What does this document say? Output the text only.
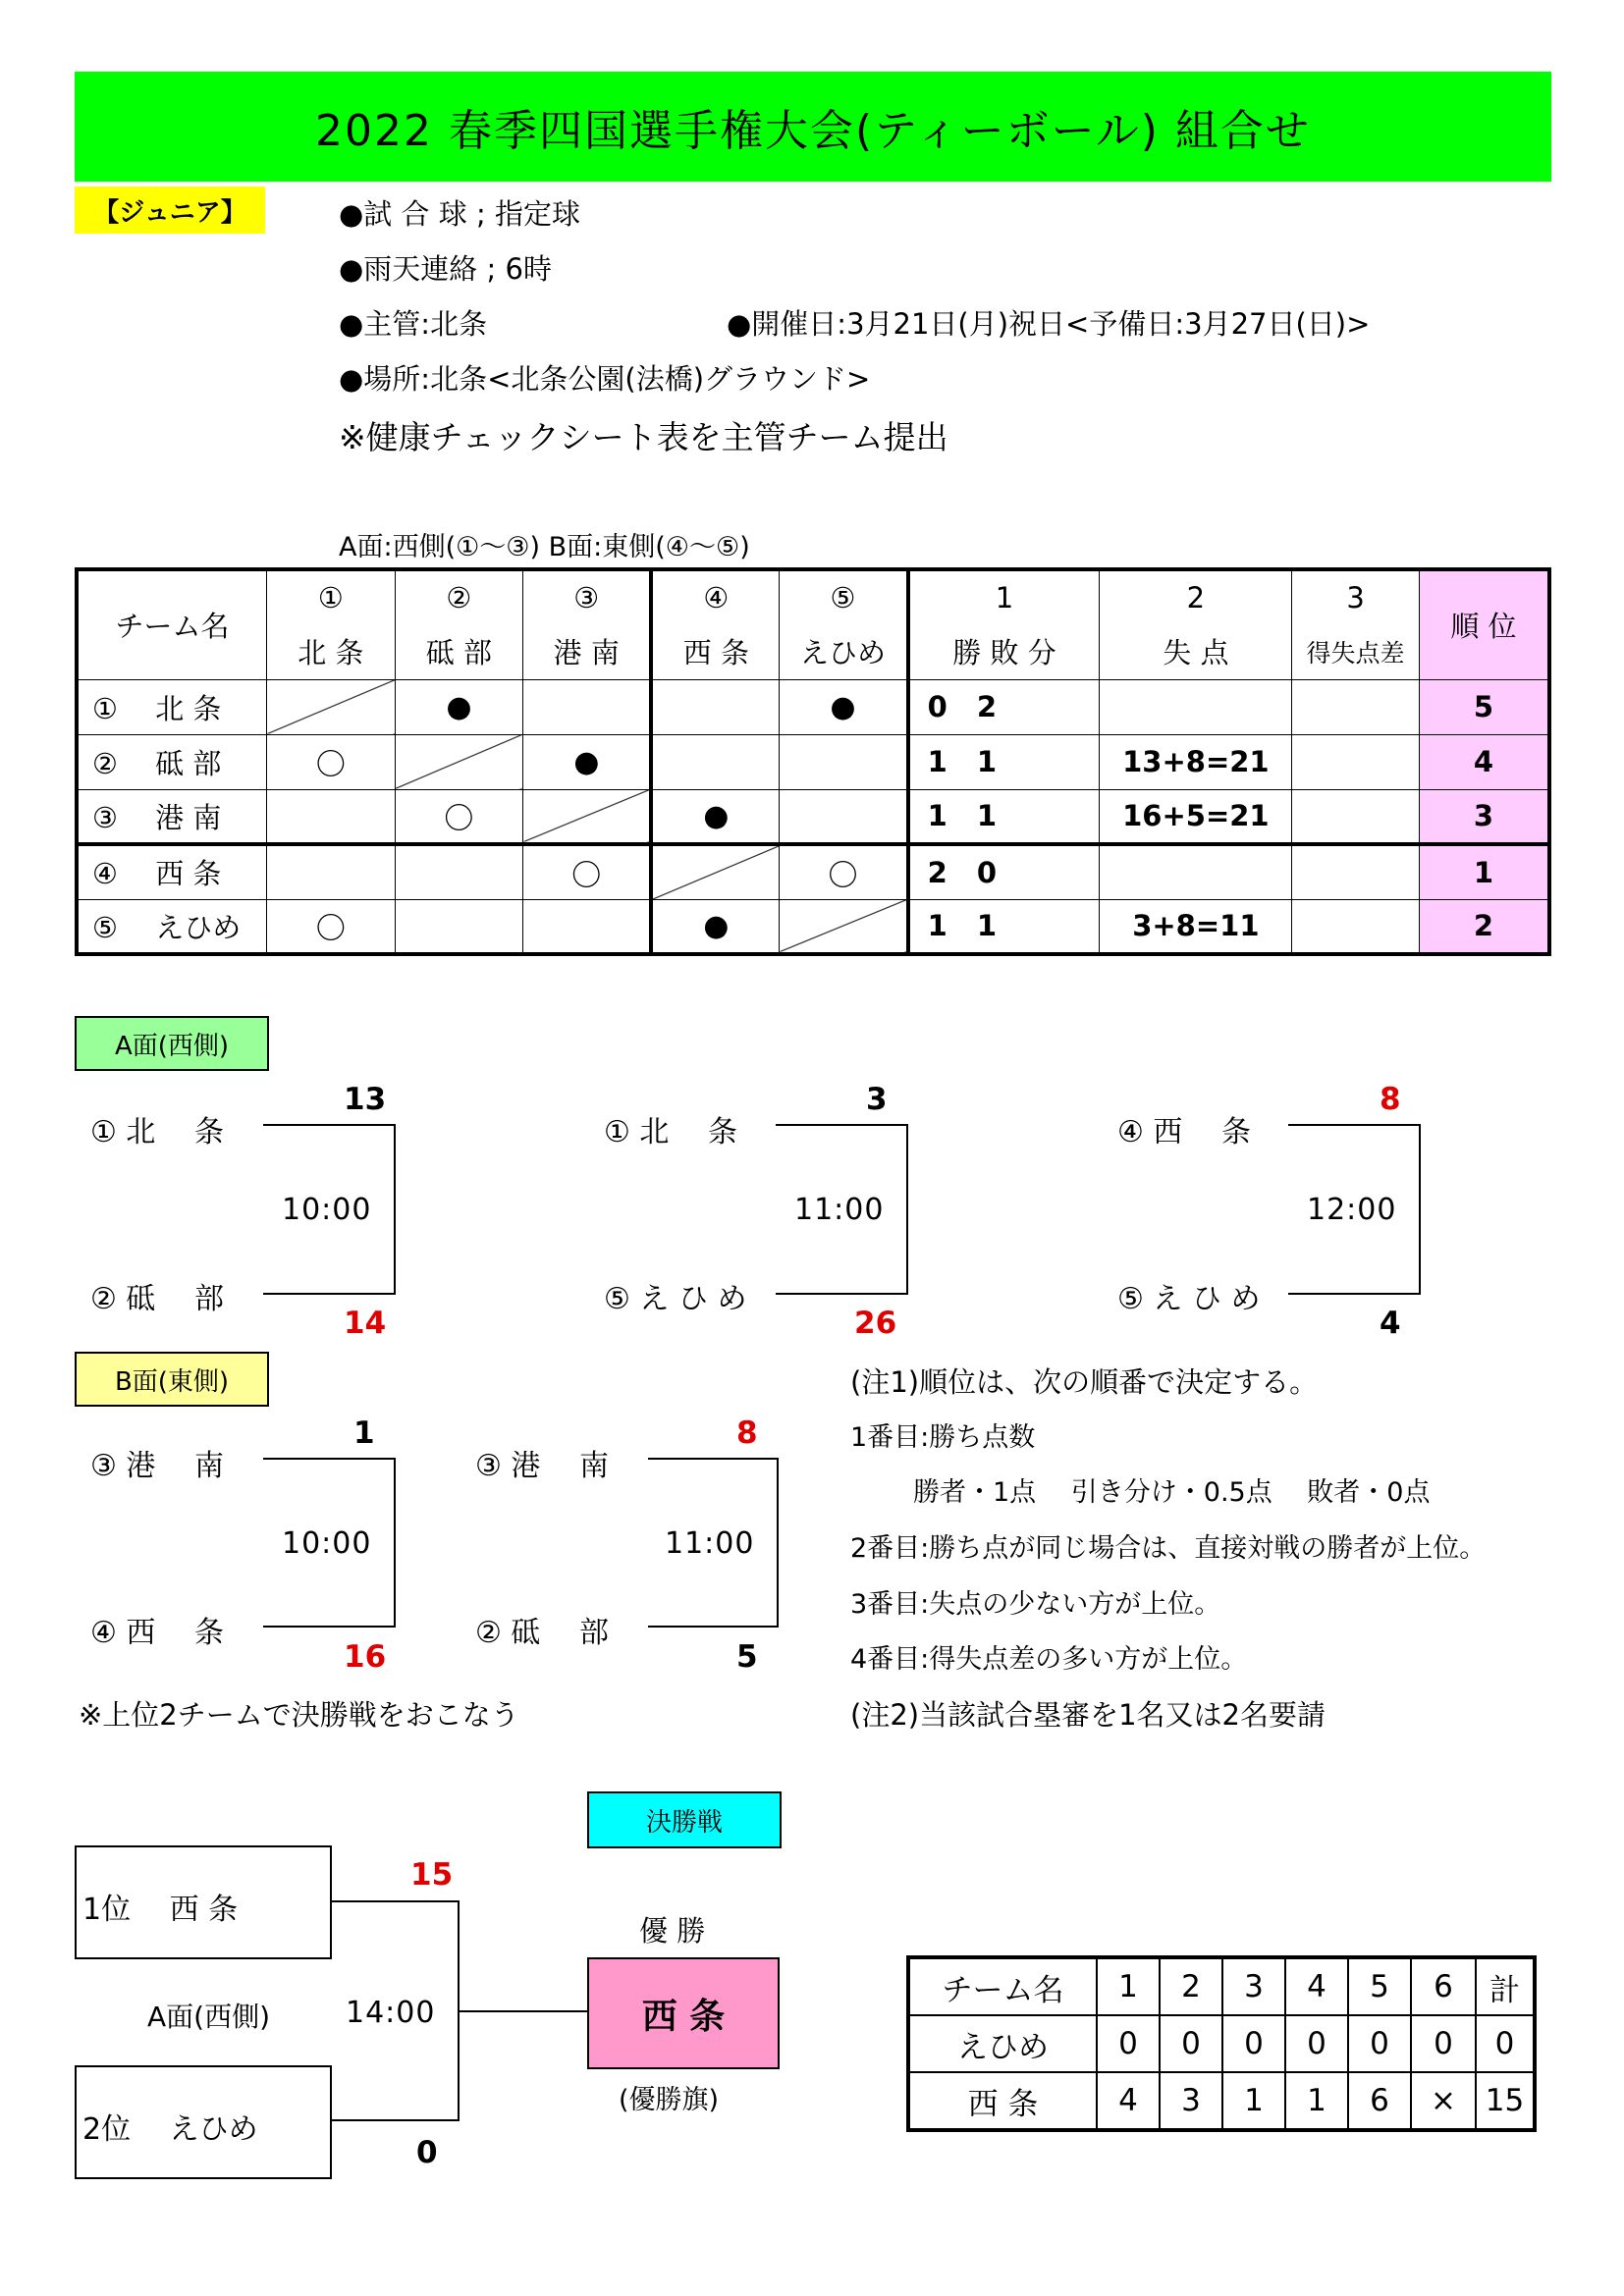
2022 春季四国選手権大会(ティーボール) 組合せ
【ジュニア】	●試 合 球 ; 指定球
●雨天連絡 ; 6時
●主管:北条	●開催日:3月21日(月)祝日<予備日:3月27日(日)>
●場所:北条<北条公園(法橋)グラウンド>
※健康チェックシート表を主管チーム提出
A面:西側(①〜③) B面:東側(④〜⑤)
チーム名	①	②	③	④	⑤	1	2	3	順 位
	北 条	砥 部	港 南	西 条	えひめ	勝 敗 分	失 点	得失点差	
①　 北 条		●			●	0 2			5
②　 砥 部	〇		●			1 1	13+8=21		4
③　 港 南		〇		●		1 1	16+5=21		3
④　 西 条			〇		〇	2 0			1
⑤　 えひめ	〇			●		1 1	3+8=11		2
A面(西側)
B面(東側)
① 北　 条
② 砥　 部
10:00
13
14
① 北　 条
⑤ え ひ め
11:00
3
26
④ 西　 条
⑤ え ひ め
12:00
8
4
③ 港　 南
④ 西　 条
10:00
1
16
③ 港　 南
② 砥　 部
11:00
8
5
※上位2チームで決勝戦をおこなう
(注1)順位は、次の順番で決定する。
1番目:勝ち点数
勝者・1点　 引き分け・0.5点　 敗者・0点
2番目:勝ち点が同じ場合は、直接対戦の勝者が上位。
3番目:失点の少ない方が上位。
4番目:得失点差の多い方が上位。
(注2)当該試合塁審を1名又は2名要請
決勝戦
1位　 西 条
2位　 えひめ
15
0
A面(西側)	14:00
優 勝
西 条
(優勝旗)
チーム名	1	2	3	4	5	6	計
えひめ	0	0	0	0	0	0	0
西 条	4	3	1	1	6	×	15
